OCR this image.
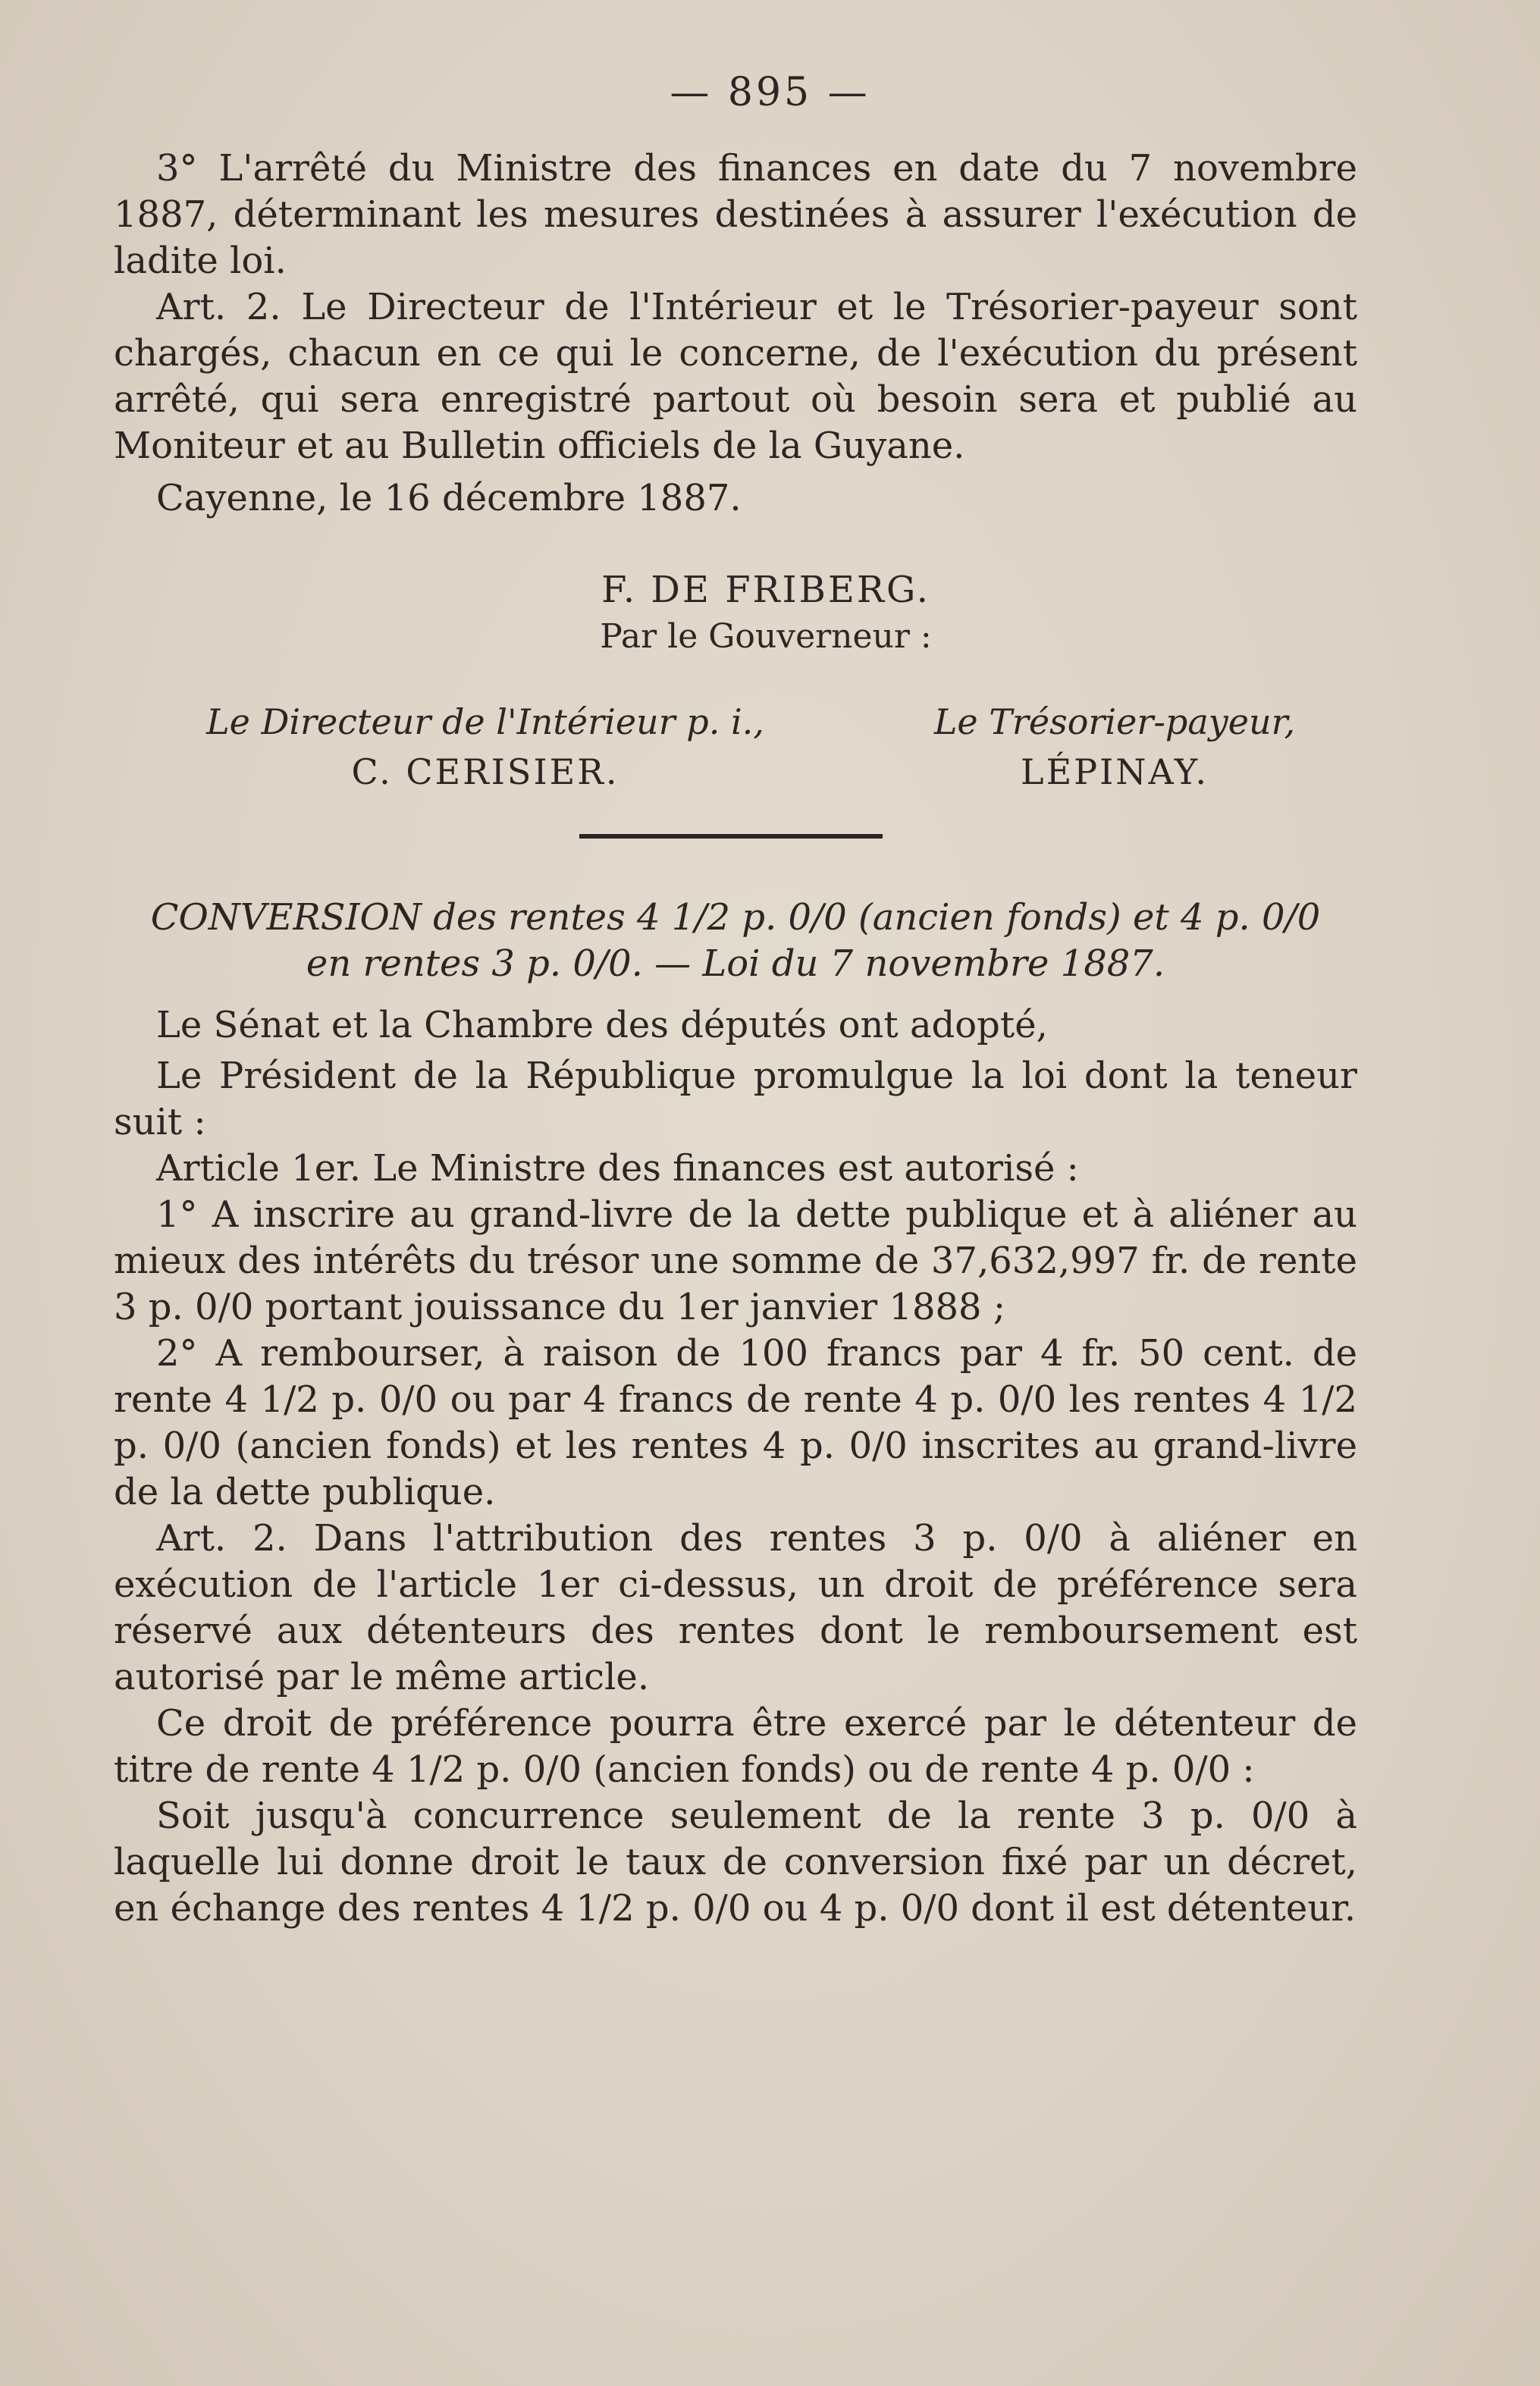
— 895 —

3° L'arrêté du Ministre des finances en date du 7 novembre 1887, déterminant les mesures destinées à assurer l'exécution de ladite loi.

Art. 2. Le Directeur de l'Intérieur et le Trésorier-payeur sont chargés, chacun en ce qui le concerne, de l'exécution du présent arrêté, qui sera enregistré partout où besoin sera et publié au Moniteur et au Bulletin officiels de la Guyane.

Cayenne, le 16 décembre 1887.

F. DE FRIBERG.

Par le Gouverneur :

Le Directeur de l'Intérieur p. i.,	Le Trésorier-payeur,
C. CERISIER.	LÉPINAY.

CONVERSION des rentes 4 1/2 p. 0/0 (ancien fonds) et 4 p. 0/0

en rentes 3 p. 0/0. — Loi du 7 novembre 1887.

Le Sénat et la Chambre des députés ont adopté,

Le Président de la République promulgue la loi dont la teneur suit :

Article 1er. Le Ministre des finances est autorisé :

1° A inscrire au grand-livre de la dette publique et à aliéner au mieux des intérêts du trésor une somme de 37,632,997 fr. de rente 3 p. 0/0 portant jouissance du 1er janvier 1888 ;

2° A rembourser, à raison de 100 francs par 4 fr. 50 cent. de rente 4 1/2 p. 0/0 ou par 4 francs de rente 4 p. 0/0 les rentes 4 1/2 p. 0/0 (ancien fonds) et les rentes 4 p. 0/0 inscrites au grand-livre de la dette publique.

Art. 2. Dans l'attribution des rentes 3 p. 0/0 à aliéner en exécution de l'article 1er ci-dessus, un droit de préférence sera réservé aux détenteurs des rentes dont le remboursement est autorisé par le même article.

Ce droit de préférence pourra être exercé par le détenteur de titre de rente 4 1/2 p. 0/0 (ancien fonds) ou de rente 4 p. 0/0 :

Soit jusqu'à concurrence seulement de la rente 3 p. 0/0 à laquelle lui donne droit le taux de conversion fixé par un décret, en échange des rentes 4 1/2 p. 0/0 ou 4 p. 0/0 dont il est détenteur.
